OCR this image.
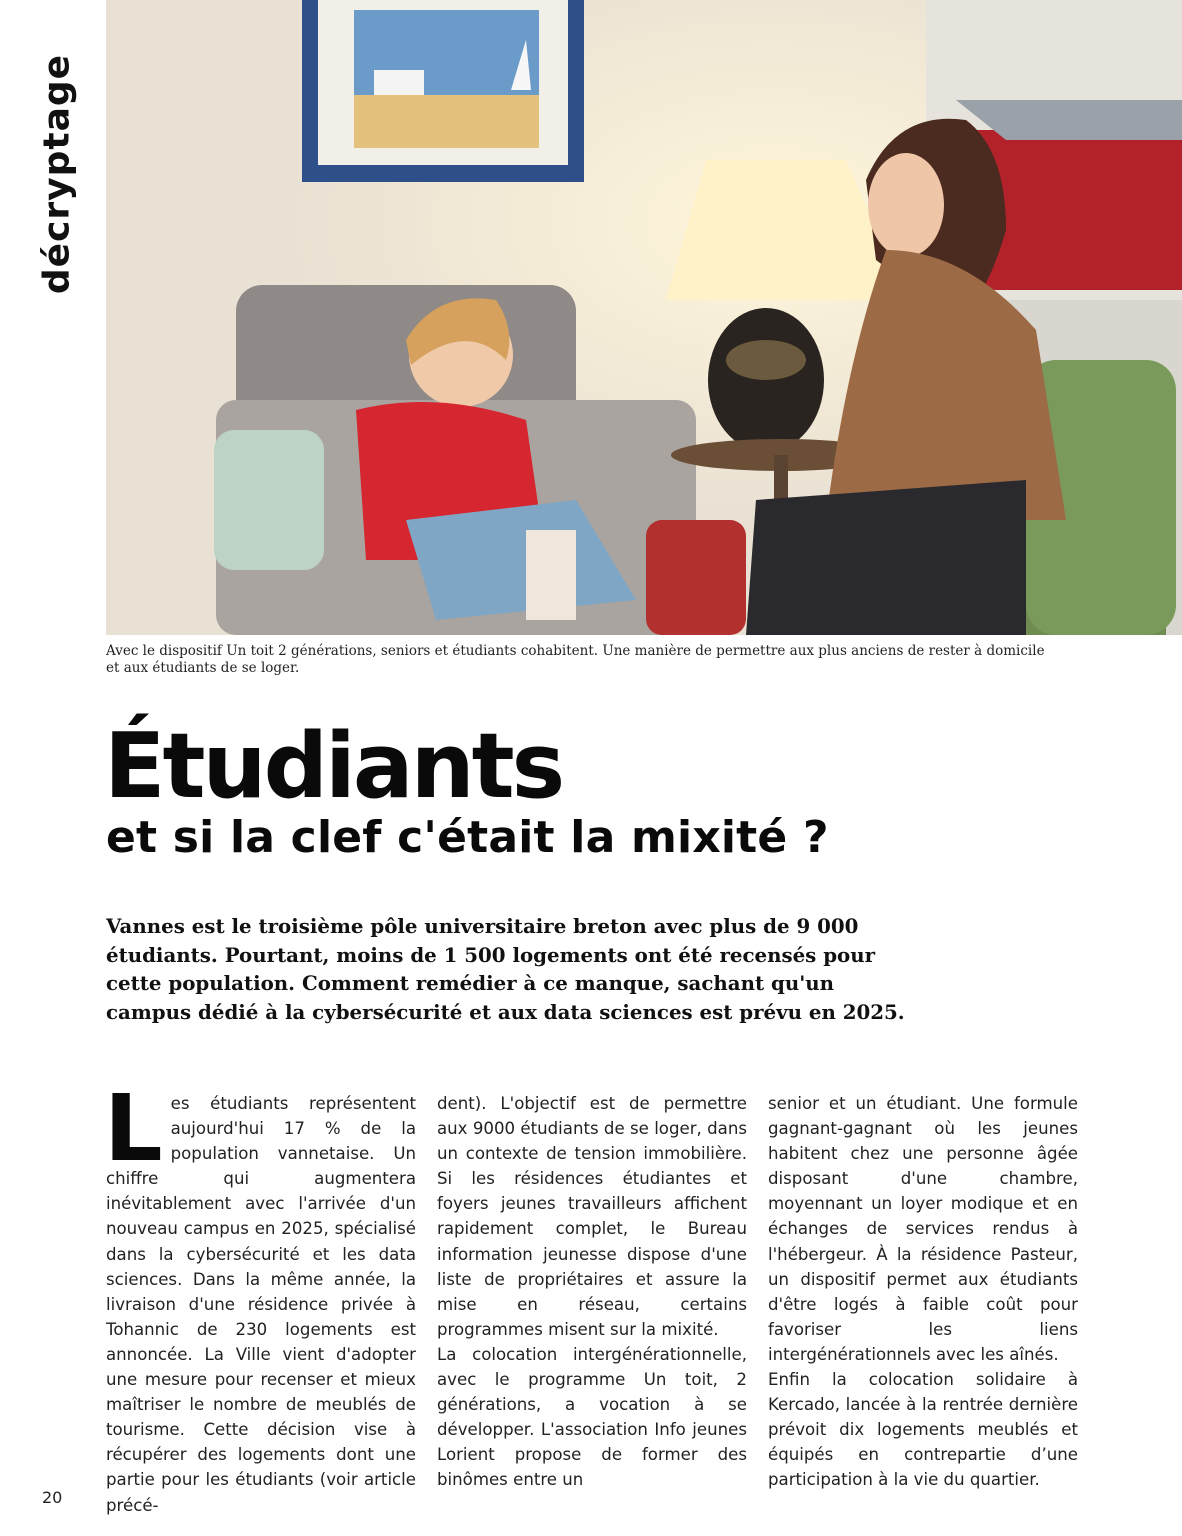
décryptage
Avec le dispositif Un toit 2 générations, seniors et étudiants cohabitent. Une manière de permettre aux plus anciens de rester à domicile et aux étudiants de se loger.
Étudiants
et si la clef c'était la mixité ?

Vannes est le troisième pôle universitaire breton avec plus de 9 000 étudiants. Pourtant, moins de 1 500 logements ont été recensés pour cette population. Comment remédier à ce manque, sachant qu'un campus dédié à la cybersécurité et aux data sciences est prévu en 2025.

L es étudiants représentent aujourd'hui 17 % de la population vannetaise. Un chiffre qui augmentera inévitablement avec l'arrivée d'un nouveau campus en 2025, spécialisé dans la cybersécurité et les data sciences. Dans la même année, la livraison d'une résidence privée à Tohannic de 230 logements est annoncée. La Ville vient d'adopter une mesure pour recenser et mieux maîtriser le nombre de meublés de tourisme. Cette décision vise à récupérer des logements dont une partie pour les étudiants (voir article précé-

dent). L'objectif est de permettre aux 9000 étudiants de se loger, dans un contexte de tension immobilière. Si les résidences étudiantes et foyers jeunes travailleurs affichent rapidement complet, le Bureau information jeunesse dispose d'une liste de propriétaires et assure la mise en réseau, certains programmes misent sur la mixité.

La colocation intergénérationnelle, avec le programme Un toit, 2 générations, a vocation à se développer. L'association Info jeunes Lorient propose de former des binômes entre un

senior et un étudiant. Une formule gagnant-gagnant où les jeunes habitent chez une personne âgée disposant d'une chambre, moyennant un loyer modique et en échanges de services rendus à l'hébergeur. À la résidence Pasteur, un dispositif permet aux étudiants d'être logés à faible coût pour favoriser les liens intergénérationnels avec les aînés.

Enfin la colocation solidaire à Kercado, lancée à la rentrée dernière prévoit dix logements meublés et équipés en contrepartie d’une participation à la vie du quartier.

20
